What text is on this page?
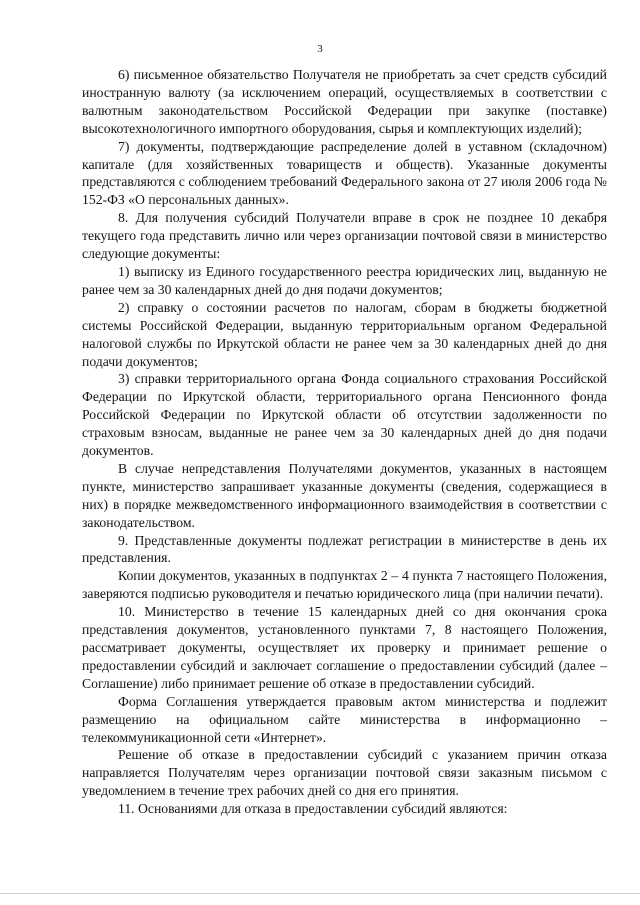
3

6) письменное обязательство Получателя не приобретать за счет средств субсидий иностранную валюту (за исключением операций, осуществляемых в соответствии с валютным законодательством Российской Федерации при закупке (поставке) высокотехнологичного импортного оборудования, сырья и комплектующих изделий);

7) документы, подтверждающие распределение долей в уставном (складочном) капитале (для хозяйственных товариществ и обществ). Указанные документы представляются с соблюдением требований Федерального закона от 27 июля 2006 года № 152-ФЗ «О персональных данных».

8. Для получения субсидий Получатели вправе в срок не позднее 10 декабря текущего года представить лично или через организации почтовой связи в министерство следующие документы:

1) выписку из Единого государственного реестра юридических лиц, выданную не ранее чем за 30 календарных дней до дня подачи документов;

2) справку о состоянии расчетов по налогам, сборам в бюджеты бюджетной системы Российской Федерации, выданную территориальным органом Федеральной налоговой службы по Иркутской области не ранее чем за 30 календарных дней до дня подачи документов;

3) справки территориального органа Фонда социального страхования Российской Федерации по Иркутской области, территориального органа Пенсионного фонда Российской Федерации по Иркутской области об отсутствии задолженности по страховым взносам, выданные не ранее чем за 30 календарных дней до дня подачи документов.

В случае непредставления Получателями документов, указанных в настоящем пункте, министерство запрашивает указанные документы (сведения, содержащиеся в них) в порядке межведомственного информационного взаимодействия в соответствии с законодательством.

9. Представленные документы подлежат регистрации в министерстве в день их представления.

Копии документов, указанных в подпунктах 2 – 4 пункта 7 настоящего Положения, заверяются подписью руководителя и печатью юридического лица (при наличии печати).

10. Министерство в течение 15 календарных дней со дня окончания срока представления документов, установленного пунктами 7, 8 настоящего Положения, рассматривает документы, осуществляет их проверку и принимает решение о предоставлении субсидий и заключает соглашение о предоставлении субсидий (далее – Соглашение) либо принимает решение об отказе в предоставлении субсидий.

Форма Соглашения утверждается правовым актом министерства и подлежит размещению на официальном сайте министерства в информационно – телекоммуникационной сети «Интернет».

Решение об отказе в предоставлении субсидий с указанием причин отказа направляется Получателям через организации почтовой связи заказным письмом с уведомлением в течение трех рабочих дней со дня его принятия.

11. Основаниями для отказа в предоставлении субсидий являются:
